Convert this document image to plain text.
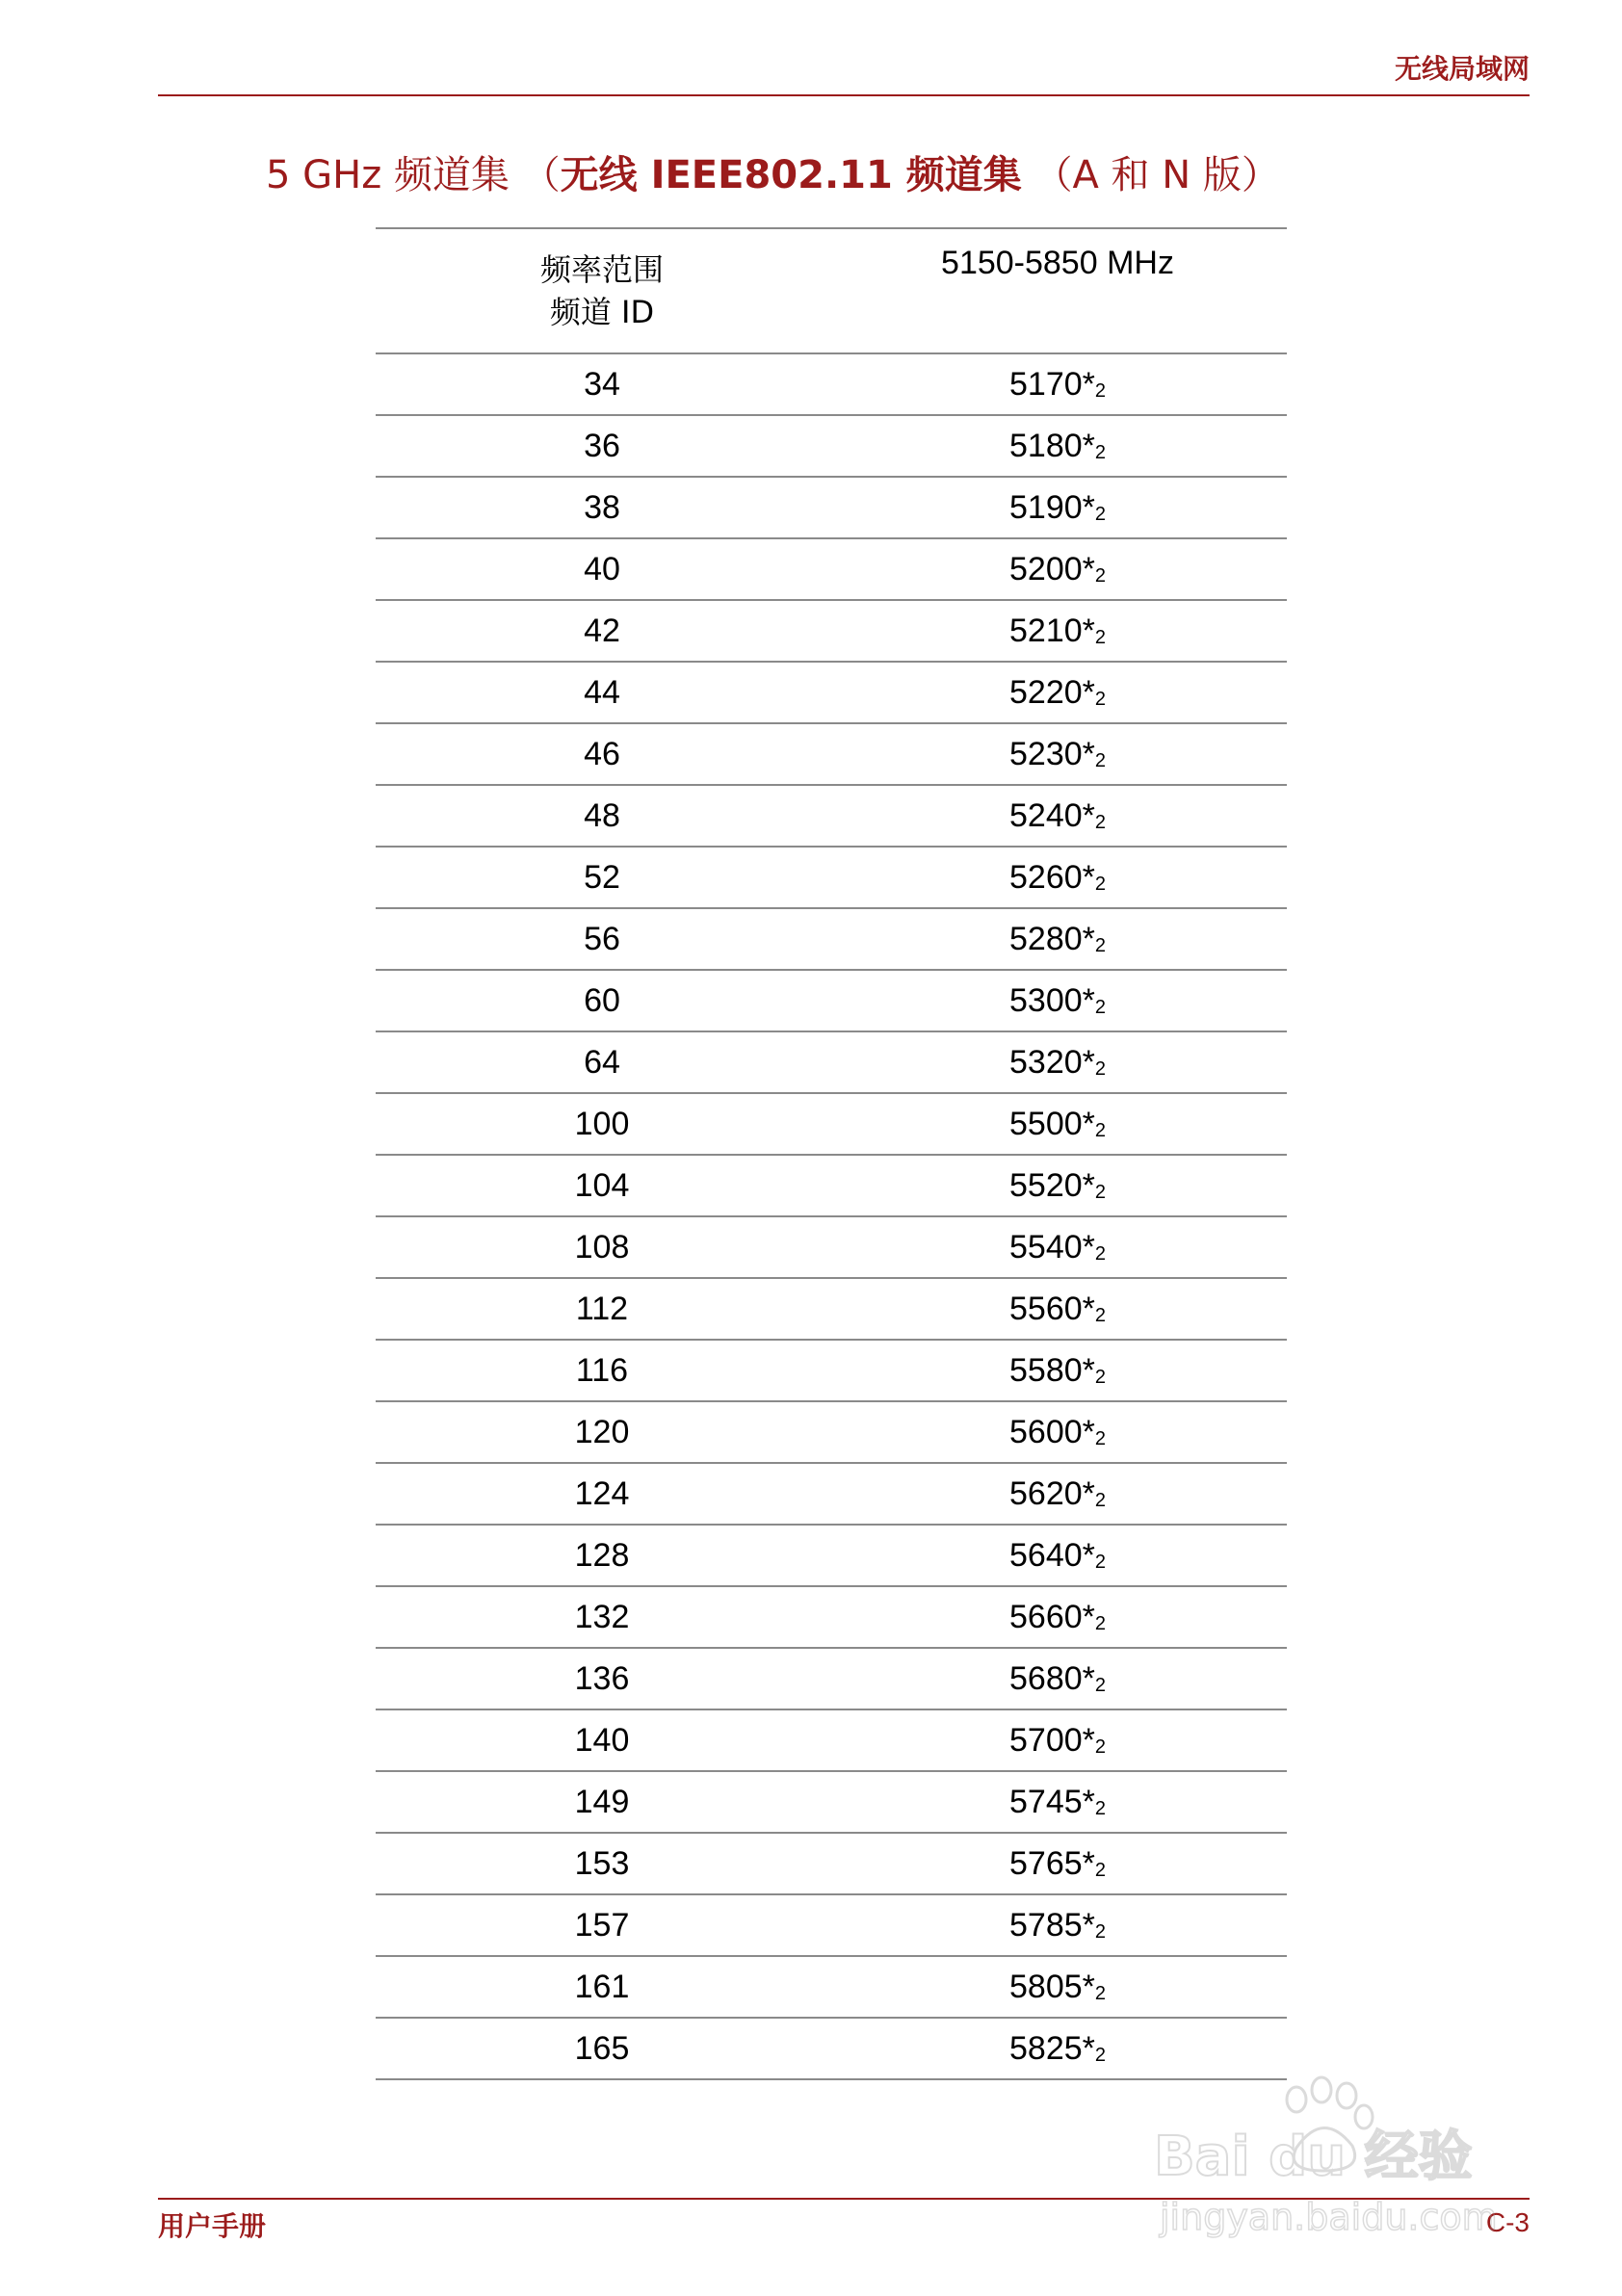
无线局域网
5 GHz 频道集 （无线 IEEE802.11 频道集 （A 和 N 版）
频率范围
频道 ID	5150-5850 MHz
34	5170*2
36	5180*2
38	5190*2
40	5200*2
42	5210*2
44	5220*2
46	5230*2
48	5240*2
52	5260*2
56	5280*2
60	5300*2
64	5320*2
100	5500*2
104	5520*2
108	5540*2
112	5560*2
116	5580*2
120	5600*2
124	5620*2
128	5640*2
132	5660*2
136	5680*2
140	5700*2
149	5745*2
153	5765*2
157	5785*2
161	5805*2
165	5825*2
用户手册	C-3
Bai du 经验
jingyan.baidu.com
